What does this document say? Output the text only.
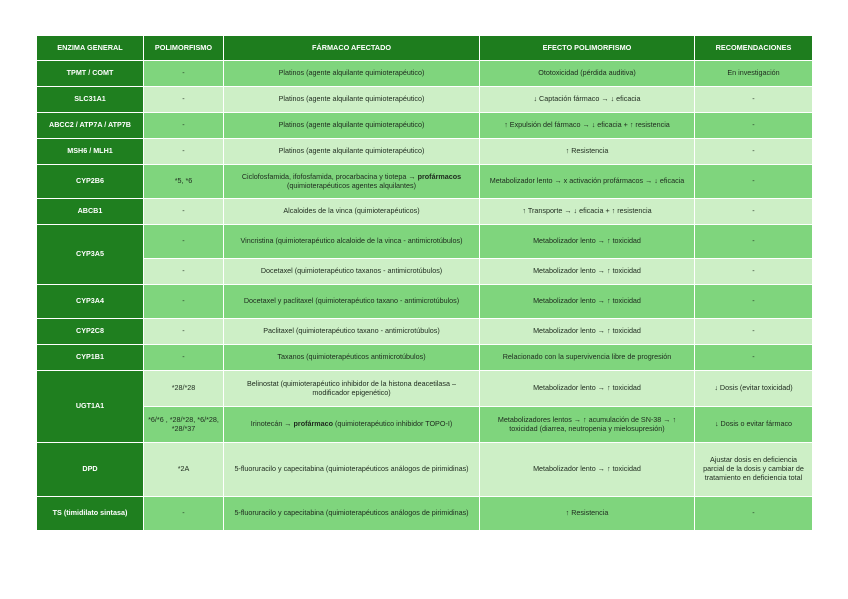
ENZIMA GENERAL	POLIMORFISMO	FÁRMACO AFECTADO	EFECTO POLIMORFISMO	RECOMENDACIONES
TPMT / COMT	-	Platinos (agente alquilante quimioterapéutico)	Ototoxicidad (pérdida auditiva)	En investigación
SLC31A1	-	Platinos (agente alquilante quimioterapéutico)	↓ Captación fármaco → ↓ eficacia	-
ABCC2 / ATP7A / ATP7B	-	Platinos (agente alquilante quimioterapéutico)	↑ Expulsión del fármaco → ↓ eficacia + ↑ resistencia	-
MSH6 / MLH1	-	Platinos (agente alquilante quimioterapéutico)	↑ Resistencia	-
CYP2B6	*5, *6	Ciclofosfamida, ifofosfamida, procarbacina y tiotepa → profármacos (quimioterapéuticos agentes alquilantes)	Metabolizador lento → x activación profármacos → ↓ eficacia	-
ABCB1	-	Alcaloides de la vinca (quimioterapéuticos)	↑ Transporte → ↓ eficacia + ↑ resistencia	-
CYP3A5	-	Vincristina (quimioterapéutico alcaloide de la vinca - antimicrotúbulos)	Metabolizador lento → ↑ toxicidad	-
	-	Docetaxel (quimioterapéutico taxanos - antimicrotúbulos)	Metabolizador lento → ↑ toxicidad	-
CYP3A4	-	Docetaxel y paclitaxel (quimioterapéutico taxano - antimicrotúbulos)	Metabolizador lento → ↑ toxicidad	-
CYP2C8	-	Paclitaxel (quimioterapéutico taxano - antimicrotúbulos)	Metabolizador lento → ↑ toxicidad	-
CYP1B1	-	Taxanos (quimioterapéuticos antimicrotúbulos)	Relacionado con la supervivencia libre de progresión	-
UGT1A1	*28/*28	Belinostat (quimioterapéutico inhibidor de la histona deacetilasa – modificador epigenético)	Metabolizador lento → ↑ toxicidad	↓ Dosis (evitar toxicidad)
	*6/*6 , *28/*28, *6/*28, *28/*37	Irinotecán → profármaco (quimioterapéutico inhibidor TOPO-I)	Metabolizadores lentos → ↑ acumulación de SN-38 → ↑ toxicidad (diarrea, neutropenia y mielosupresión)	↓ Dosis o evitar fármaco
DPD	*2A	5-fluoruracilo y capecitabina (quimioterapéuticos análogos de pirimidinas)	Metabolizador lento → ↑ toxicidad	Ajustar dosis en deficiencia parcial de la dosis y cambiar de tratamiento en deficiencia total
TS (timidilato sintasa)	-	5-fluoruracilo y capecitabina (quimioterapéuticos análogos de pirimidinas)	↑ Resistencia	-
